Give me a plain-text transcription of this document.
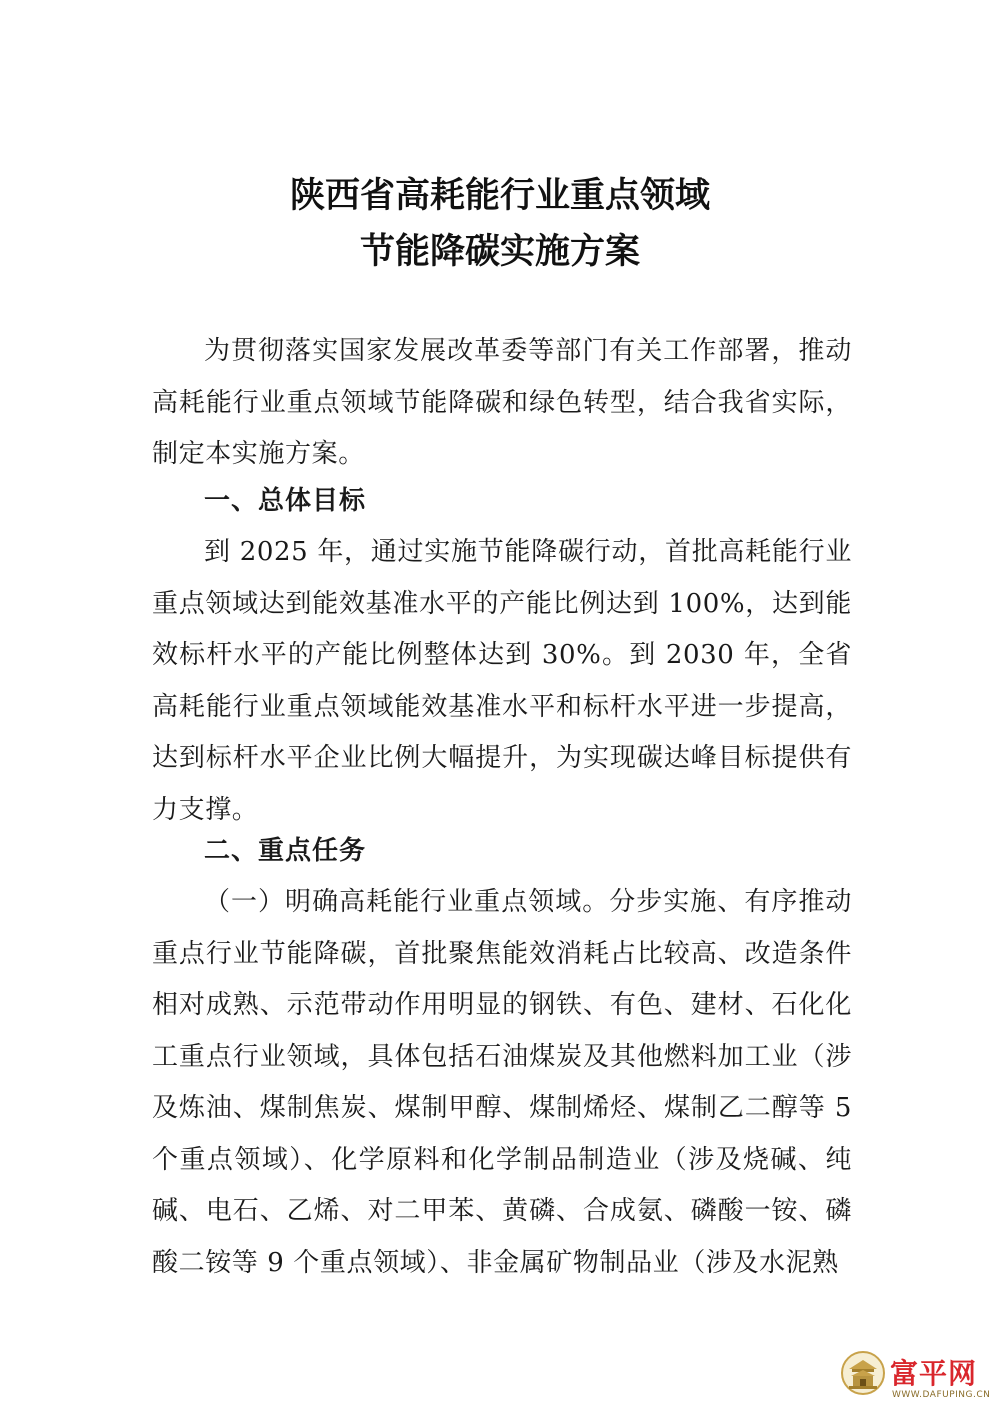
陕西省高耗能行业重点领域
节能降碳实施方案
为贯彻落实国家发展改革委等部门有关工作部署，推动高耗能行业重点领域节能降碳和绿色转型，结合我省实际，制定本实施方案。
一、总体目标
到 2025 年，通过实施节能降碳行动，首批高耗能行业重点领域达到能效基准水平的产能比例达到 100%，达到能效标杆水平的产能比例整体达到 30%。到 2030 年，全省高耗能行业重点领域能效基准水平和标杆水平进一步提高，达到标杆水平企业比例大幅提升，为实现碳达峰目标提供有力支撑。
二、重点任务
（一）明确高耗能行业重点领域。分步实施、有序推动重点行业节能降碳，首批聚焦能效消耗占比较高、改造条件相对成熟、示范带动作用明显的钢铁、有色、建材、石化化工重点行业领域，具体包括石油煤炭及其他燃料加工业（涉及炼油、煤制焦炭、煤制甲醇、煤制烯烃、煤制乙二醇等 5 个重点领域）、化学原料和化学制品制造业（涉及烧碱、纯碱、电石、乙烯、对二甲苯、黄磷、合成氨、磷酸一铵、磷酸二铵等 9 个重点领域）、非金属矿物制品业（涉及水泥熟
富平网
WWW.DAFUPING.CN
